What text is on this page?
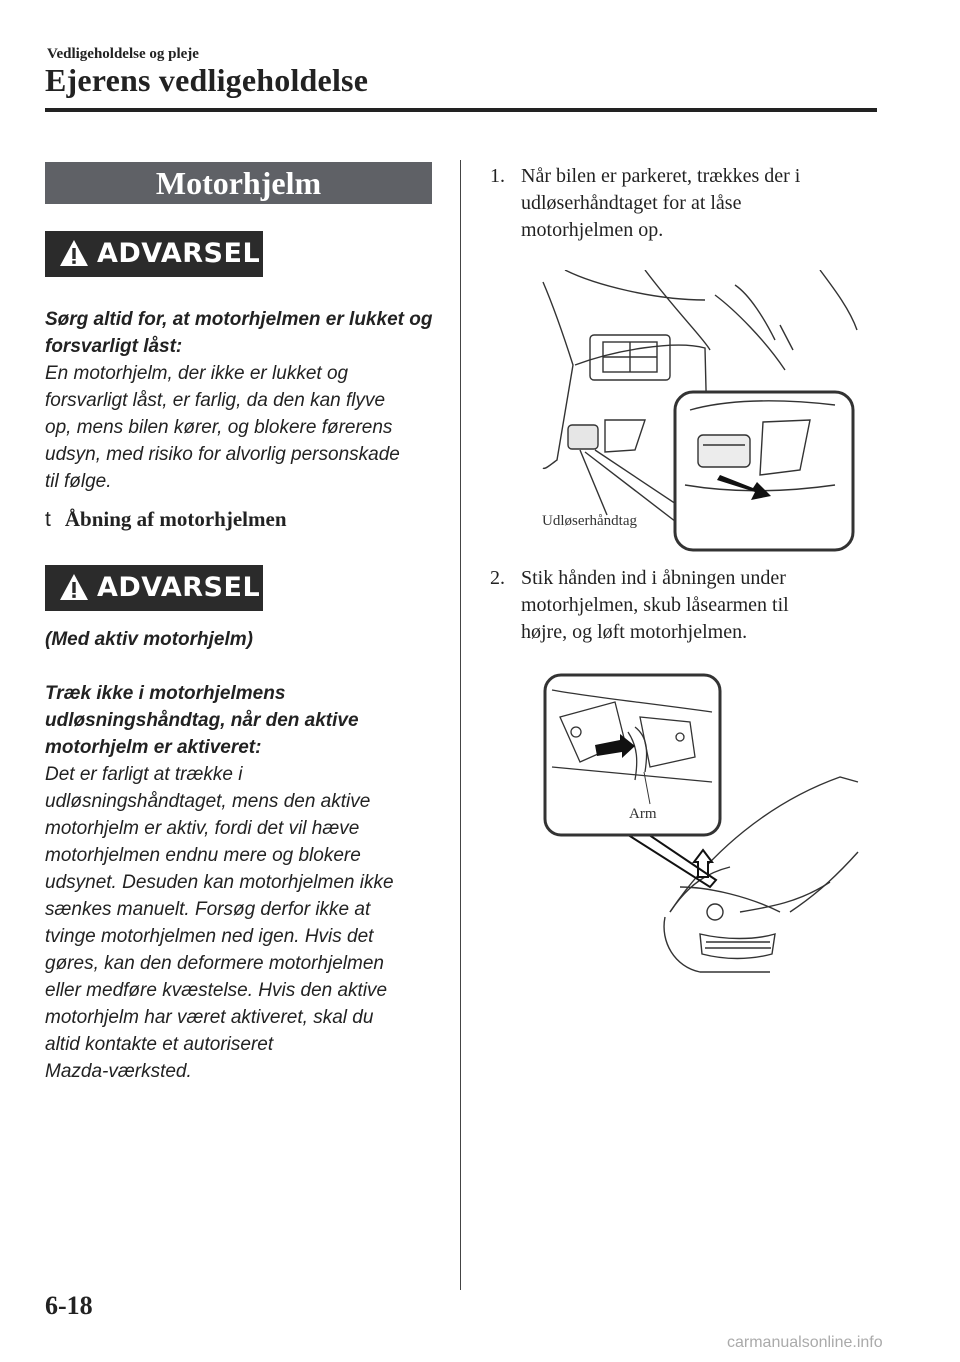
Vedligeholdelse og pleje
Ejerens vedligeholdelse
Motorhjelm
ADVARSEL
Sørg altid for, at motorhjelmen er lukket og
forsvarligt låst:
En motorhjelm, der ikke er lukket og
forsvarligt låst, er farlig, da den kan flyve
op, mens bilen kører, og blokere førerens
udsyn, med risiko for alvorlig personskade
til følge.
t Åbning af motorhjelmen
ADVARSEL
(Med aktiv motorhjelm)
Træk ikke i motorhjelmens
udløsningshåndtag, når den aktive
motorhjelm er aktiveret:
Det er farligt at trække i
udløsningshåndtaget, mens den aktive
motorhjelm er aktiv, fordi det vil hæve
motorhjelmen endnu mere og blokere
udsynet. Desuden kan motorhjelmen ikke
sænkes manuelt. Forsøg derfor ikke at
tvinge motorhjelmen ned igen. Hvis det
gøres, kan den deformere motorhjelmen
eller medføre kvæstelse. Hvis den aktive
motorhjelm har været aktiveret, skal du
altid kontakte et autoriseret
Mazda-værksted.
1. Når bilen er parkeret, trækkes der i
udløserhåndtaget for at låse
motorhjelmen op.
Udløserhåndtag
2. Stik hånden ind i åbningen under
motorhjelmen, skub låsearmen til
højre, og løft motorhjelmen.
Arm
6-18
carmanualsonline.info
